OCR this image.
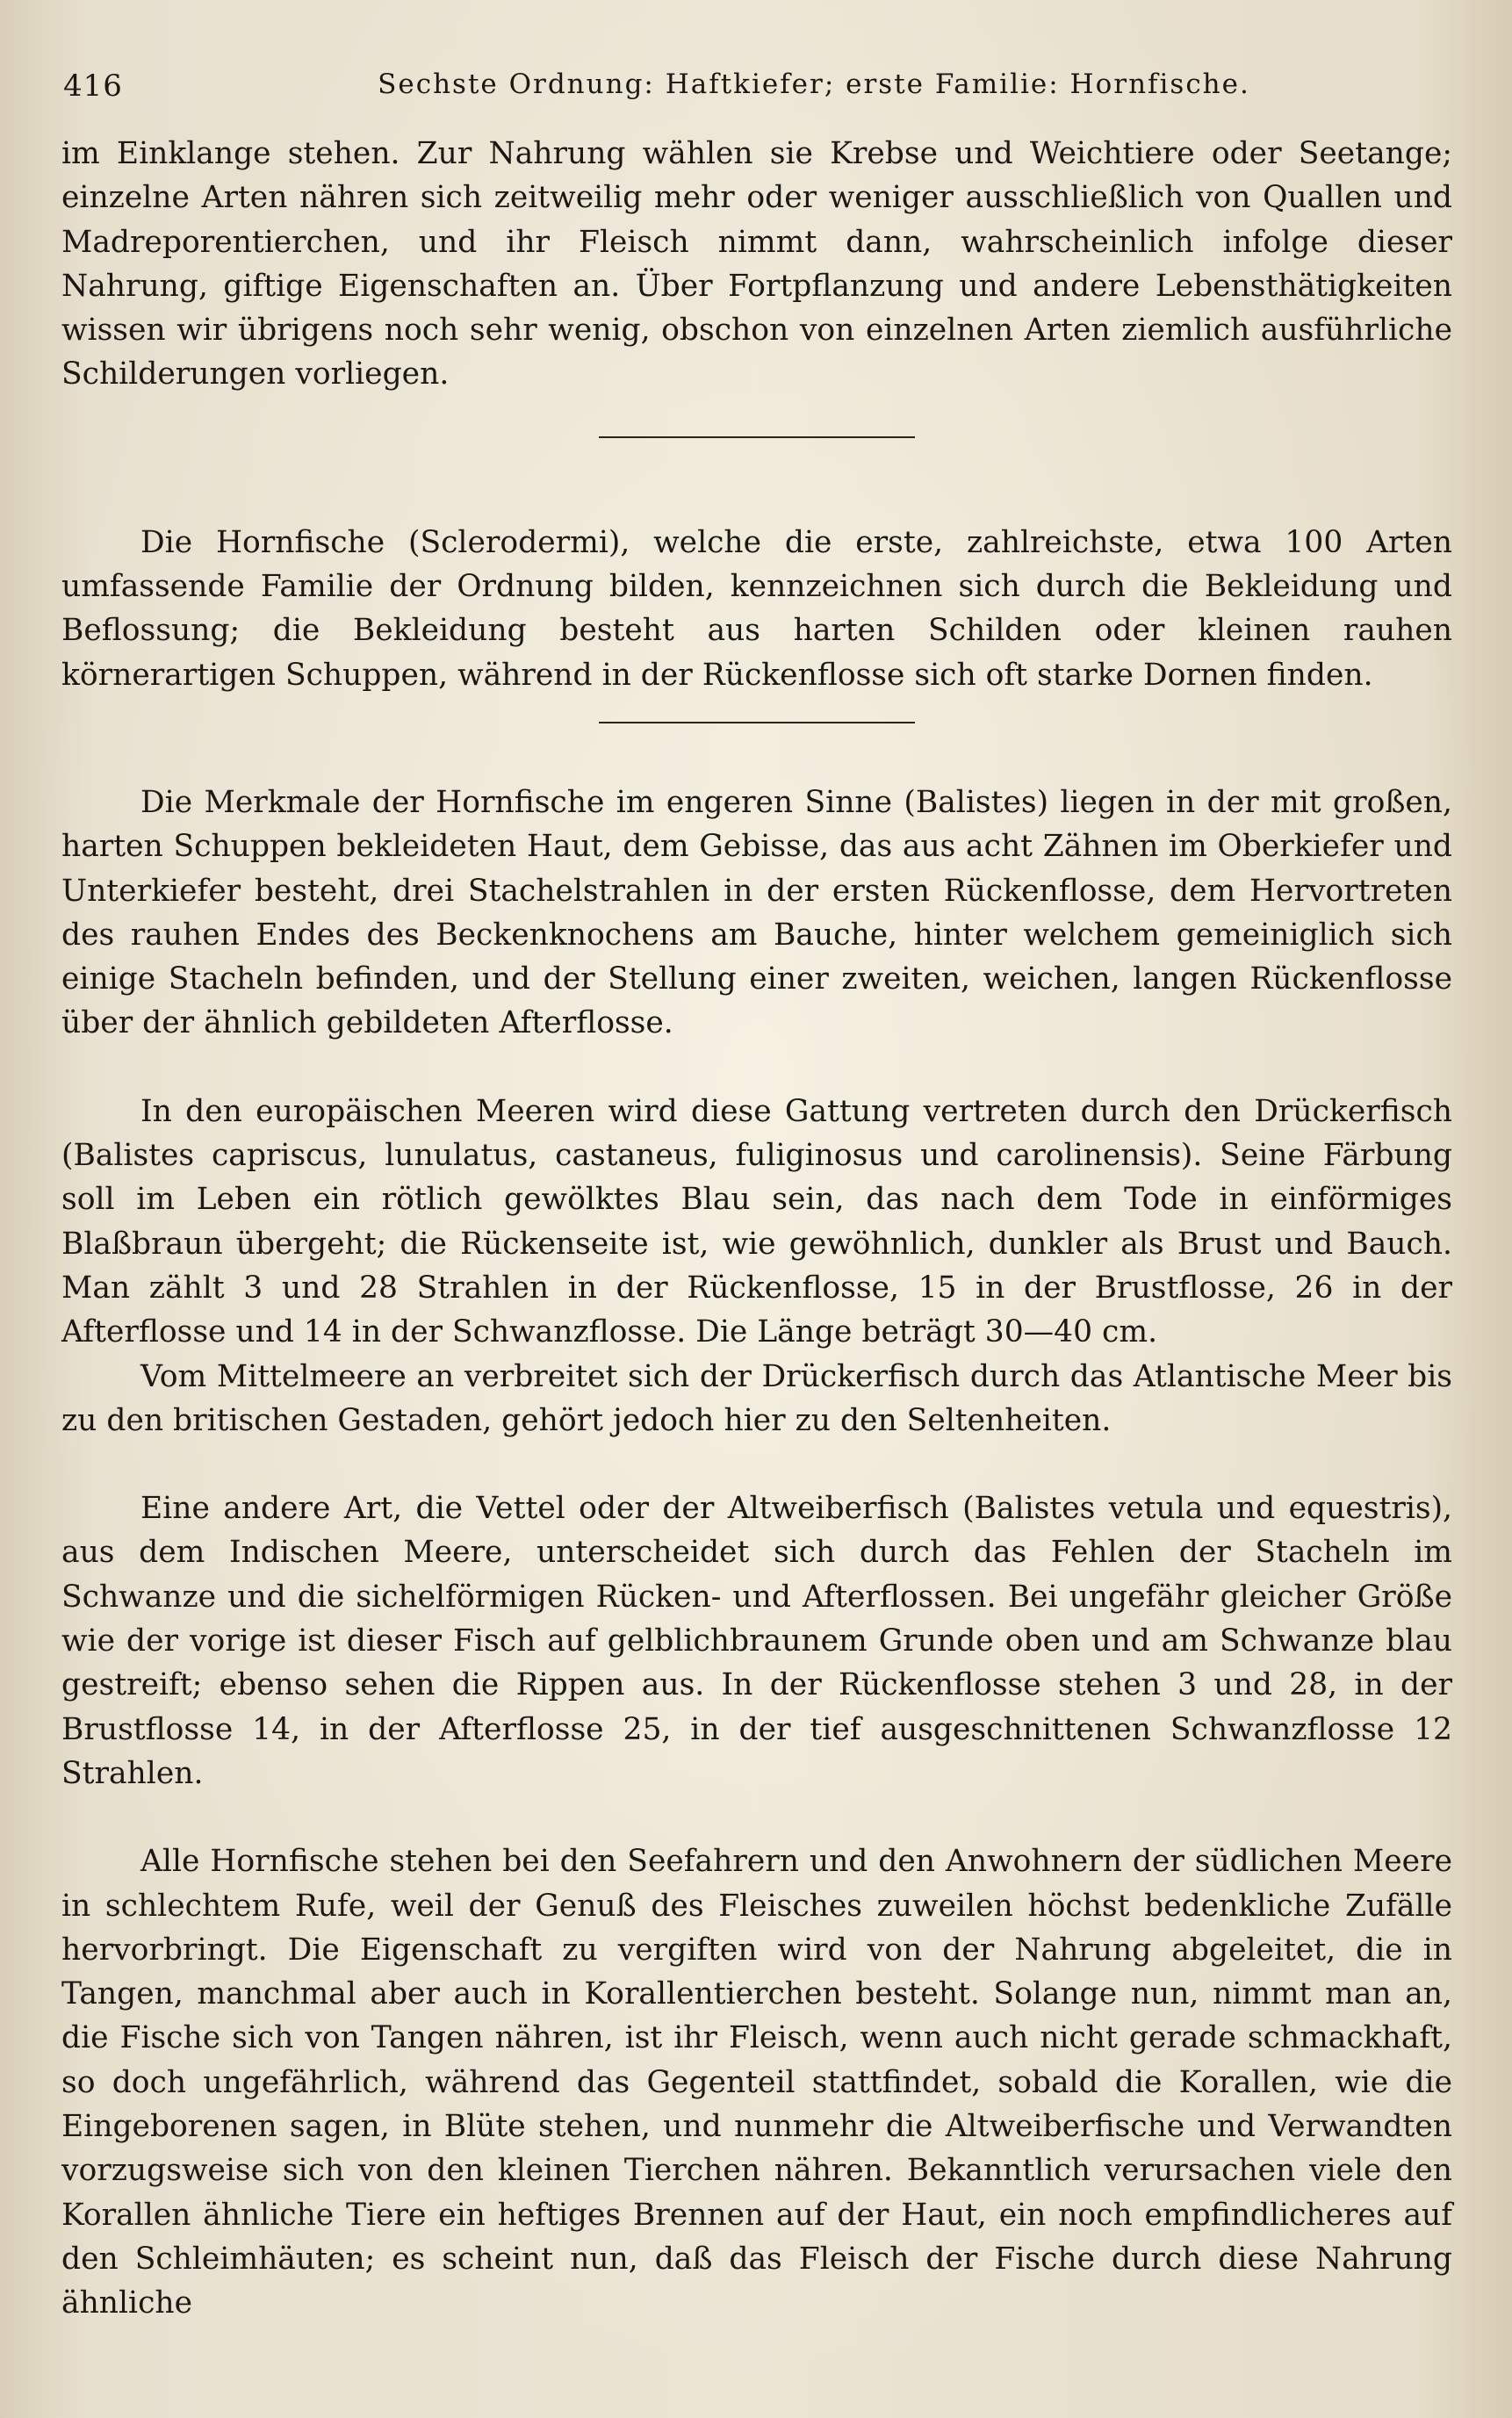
416	Sechste Ordnung: Haftkiefer; erste Familie: Hornfische.

im Einklange stehen. Zur Nahrung wählen sie Krebse und Weichtiere oder Seetange; einzelne Arten nähren sich zeitweilig mehr oder weniger ausschließlich von Quallen und Madreporentierchen, und ihr Fleisch nimmt dann, wahrscheinlich infolge dieser Nahrung, giftige Eigenschaften an. Über Fortpflanzung und andere Lebensthätigkeiten wissen wir übrigens noch sehr wenig, obschon von einzelnen Arten ziemlich ausführliche Schilderungen vorliegen.

Die Hornfische (Sclerodermi), welche die erste, zahlreichste, etwa 100 Arten umfassende Familie der Ordnung bilden, kennzeichnen sich durch die Bekleidung und Beflossung; die Bekleidung besteht aus harten Schilden oder kleinen rauhen körnerartigen Schuppen, während in der Rückenflosse sich oft starke Dornen finden.

Die Merkmale der Hornfische im engeren Sinne (Balistes) liegen in der mit großen, harten Schuppen bekleideten Haut, dem Gebisse, das aus acht Zähnen im Oberkiefer und Unterkiefer besteht, drei Stachelstrahlen in der ersten Rückenflosse, dem Hervortreten des rauhen Endes des Beckenknochens am Bauche, hinter welchem gemeiniglich sich einige Stacheln befinden, und der Stellung einer zweiten, weichen, langen Rückenflosse über der ähnlich gebildeten Afterflosse.

In den europäischen Meeren wird diese Gattung vertreten durch den Drückerfisch (Balistes capriscus, lunulatus, castaneus, fuliginosus und carolinensis). Seine Färbung soll im Leben ein rötlich gewölktes Blau sein, das nach dem Tode in einförmiges Blaßbraun übergeht; die Rückenseite ist, wie gewöhnlich, dunkler als Brust und Bauch. Man zählt 3 und 28 Strahlen in der Rückenflosse, 15 in der Brustflosse, 26 in der Afterflosse und 14 in der Schwanzflosse. Die Länge beträgt 30—40 cm.

Vom Mittelmeere an verbreitet sich der Drückerfisch durch das Atlantische Meer bis zu den britischen Gestaden, gehört jedoch hier zu den Seltenheiten.

Eine andere Art, die Vettel oder der Altweiberfisch (Balistes vetula und equestris), aus dem Indischen Meere, unterscheidet sich durch das Fehlen der Stacheln im Schwanze und die sichelförmigen Rücken- und Afterflossen. Bei ungefähr gleicher Größe wie der vorige ist dieser Fisch auf gelblichbraunem Grunde oben und am Schwanze blau gestreift; ebenso sehen die Rippen aus. In der Rückenflosse stehen 3 und 28, in der Brustflosse 14, in der Afterflosse 25, in der tief ausgeschnittenen Schwanzflosse 12 Strahlen.

Alle Hornfische stehen bei den Seefahrern und den Anwohnern der südlichen Meere in schlechtem Rufe, weil der Genuß des Fleisches zuweilen höchst bedenkliche Zufälle hervorbringt. Die Eigenschaft zu vergiften wird von der Nahrung abgeleitet, die in Tangen, manchmal aber auch in Korallentierchen besteht. Solange nun, nimmt man an, die Fische sich von Tangen nähren, ist ihr Fleisch, wenn auch nicht gerade schmackhaft, so doch ungefährlich, während das Gegenteil stattfindet, sobald die Korallen, wie die Eingeborenen sagen, in Blüte stehen, und nunmehr die Altweiberfische und Verwandten vorzugsweise sich von den kleinen Tierchen nähren. Bekanntlich verursachen viele den Korallen ähnliche Tiere ein heftiges Brennen auf der Haut, ein noch empfindlicheres auf den Schleimhäuten; es scheint nun, daß das Fleisch der Fische durch diese Nahrung ähnliche
